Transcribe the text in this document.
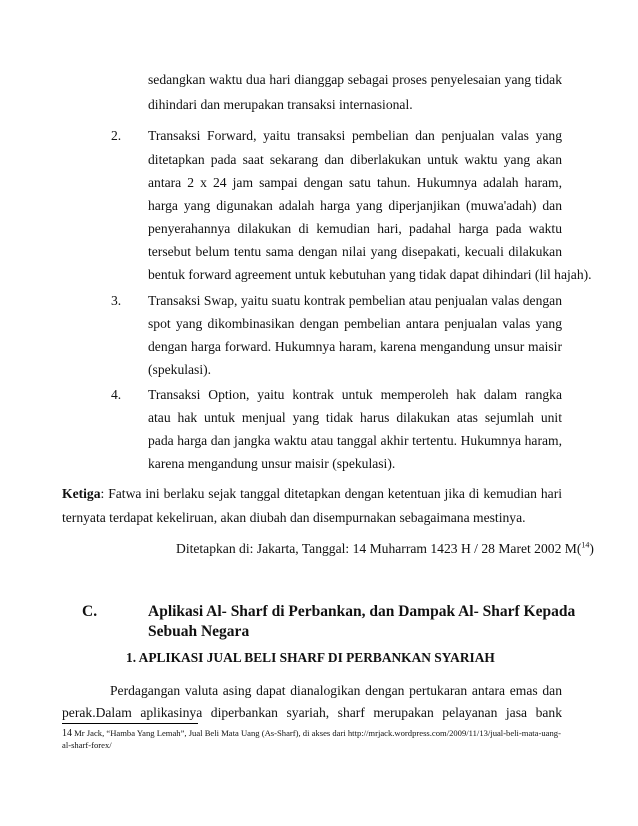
sedangkan waktu dua hari dianggap sebagai proses penyelesaian yang tidak
dihindari dan merupakan transaksi internasional.
2. Transaksi Forward, yaitu transaksi pembelian dan penjualan valas yang
ditetapkan pada saat sekarang dan diberlakukan untuk waktu yang akan
antara 2 x 24 jam sampai dengan satu tahun. Hukumnya adalah haram,
harga yang digunakan adalah harga yang diperjanjikan (muwa'adah) dan
penyerahannya dilakukan di kemudian hari, padahal harga pada waktu
tersebut belum tentu sama dengan nilai yang disepakati, kecuali dilakukan
bentuk forward agreement untuk kebutuhan yang tidak dapat dihindari (lil hajah).
3. Transaksi Swap, yaitu suatu kontrak pembelian atau penjualan valas dengan
spot yang dikombinasikan dengan pembelian antara penjualan valas yang
dengan harga forward. Hukumnya haram, karena mengandung unsur maisir
(spekulasi).
4. Transaksi Option, yaitu kontrak untuk memperoleh hak dalam rangka
atau hak untuk menjual yang tidak harus dilakukan atas sejumlah unit
pada harga dan jangka waktu atau tanggal akhir tertentu. Hukumnya haram,
karena mengandung unsur maisir (spekulasi).
Ketiga : Fatwa ini berlaku sejak tanggal ditetapkan dengan ketentuan jika di kemudian hari
ternyata terdapat kekeliruan, akan diubah dan disempurnakan sebagaimana mestinya.
Ditetapkan di: Jakarta, Tanggal: 14 Muharram 1423 H / 28 Maret 2002 M($^{14}$)
C.	Aplikasi Al- Sharf di Perbankan, dan Dampak Al- Sharf Kepada
Sebuah Negara
1. APLIKASI JUAL BELI SHARF DI PERBANKAN SYARIAH
Perdagangan valuta asing dapat dianalogikan dengan pertukaran antara emas dan
perak.Dalam aplikasinya diperbankan syariah, sharf merupakan pelayanan jasa bank
14 Mr Jack, “Hamba Yang Lemah”, Jual Beli Mata Uang (As-Sharf), di akses dari http://mrjack.wordpress.com/2009/11/13/jual-beli-mata-uang-
al-sharf-forex/
